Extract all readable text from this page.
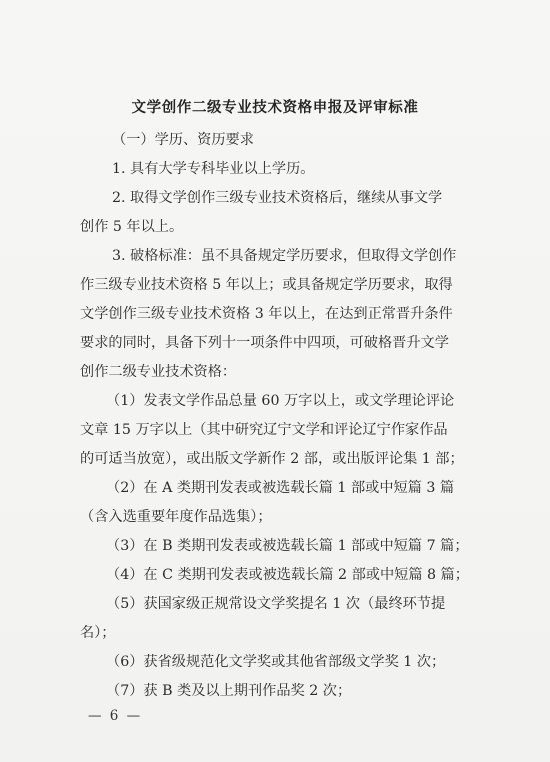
文学创作二级专业技术资格申报及评审标准
（一）学历、资历要求
1. 具有大学专科毕业以上学历。
2. 取得文学创作三级专业技术资格后，继续从事文学
创作 5 年以上。
3. 破格标准：虽不具备规定学历要求，但取得文学创作
作三级专业技术资格 5 年以上；或具备规定学历要求，取得
文学创作三级专业技术资格 3 年以上，在达到正常晋升条件
要求的同时，具备下列十一项条件中四项，可破格晋升文学
创作二级专业技术资格：
（1）发表文学作品总量 60 万字以上，或文学理论评论
文章 15 万字以上（其中研究辽宁文学和评论辽宁作家作品
的可适当放宽），或出版文学新作 2 部，或出版评论集 1 部；
（2）在 A 类期刊发表或被选载长篇 1 部或中短篇 3 篇
（含入选重要年度作品选集）；
（3）在 B 类期刊发表或被选载长篇 1 部或中短篇 7 篇；
（4）在 C 类期刊发表或被选载长篇 2 部或中短篇 8 篇；
（5）获国家级正规常设文学奖提名 1 次（最终环节提
名）；
（6）获省级规范化文学奖或其他省部级文学奖 1 次；
（7）获 B 类及以上期刊作品奖 2 次；
— 6 —
